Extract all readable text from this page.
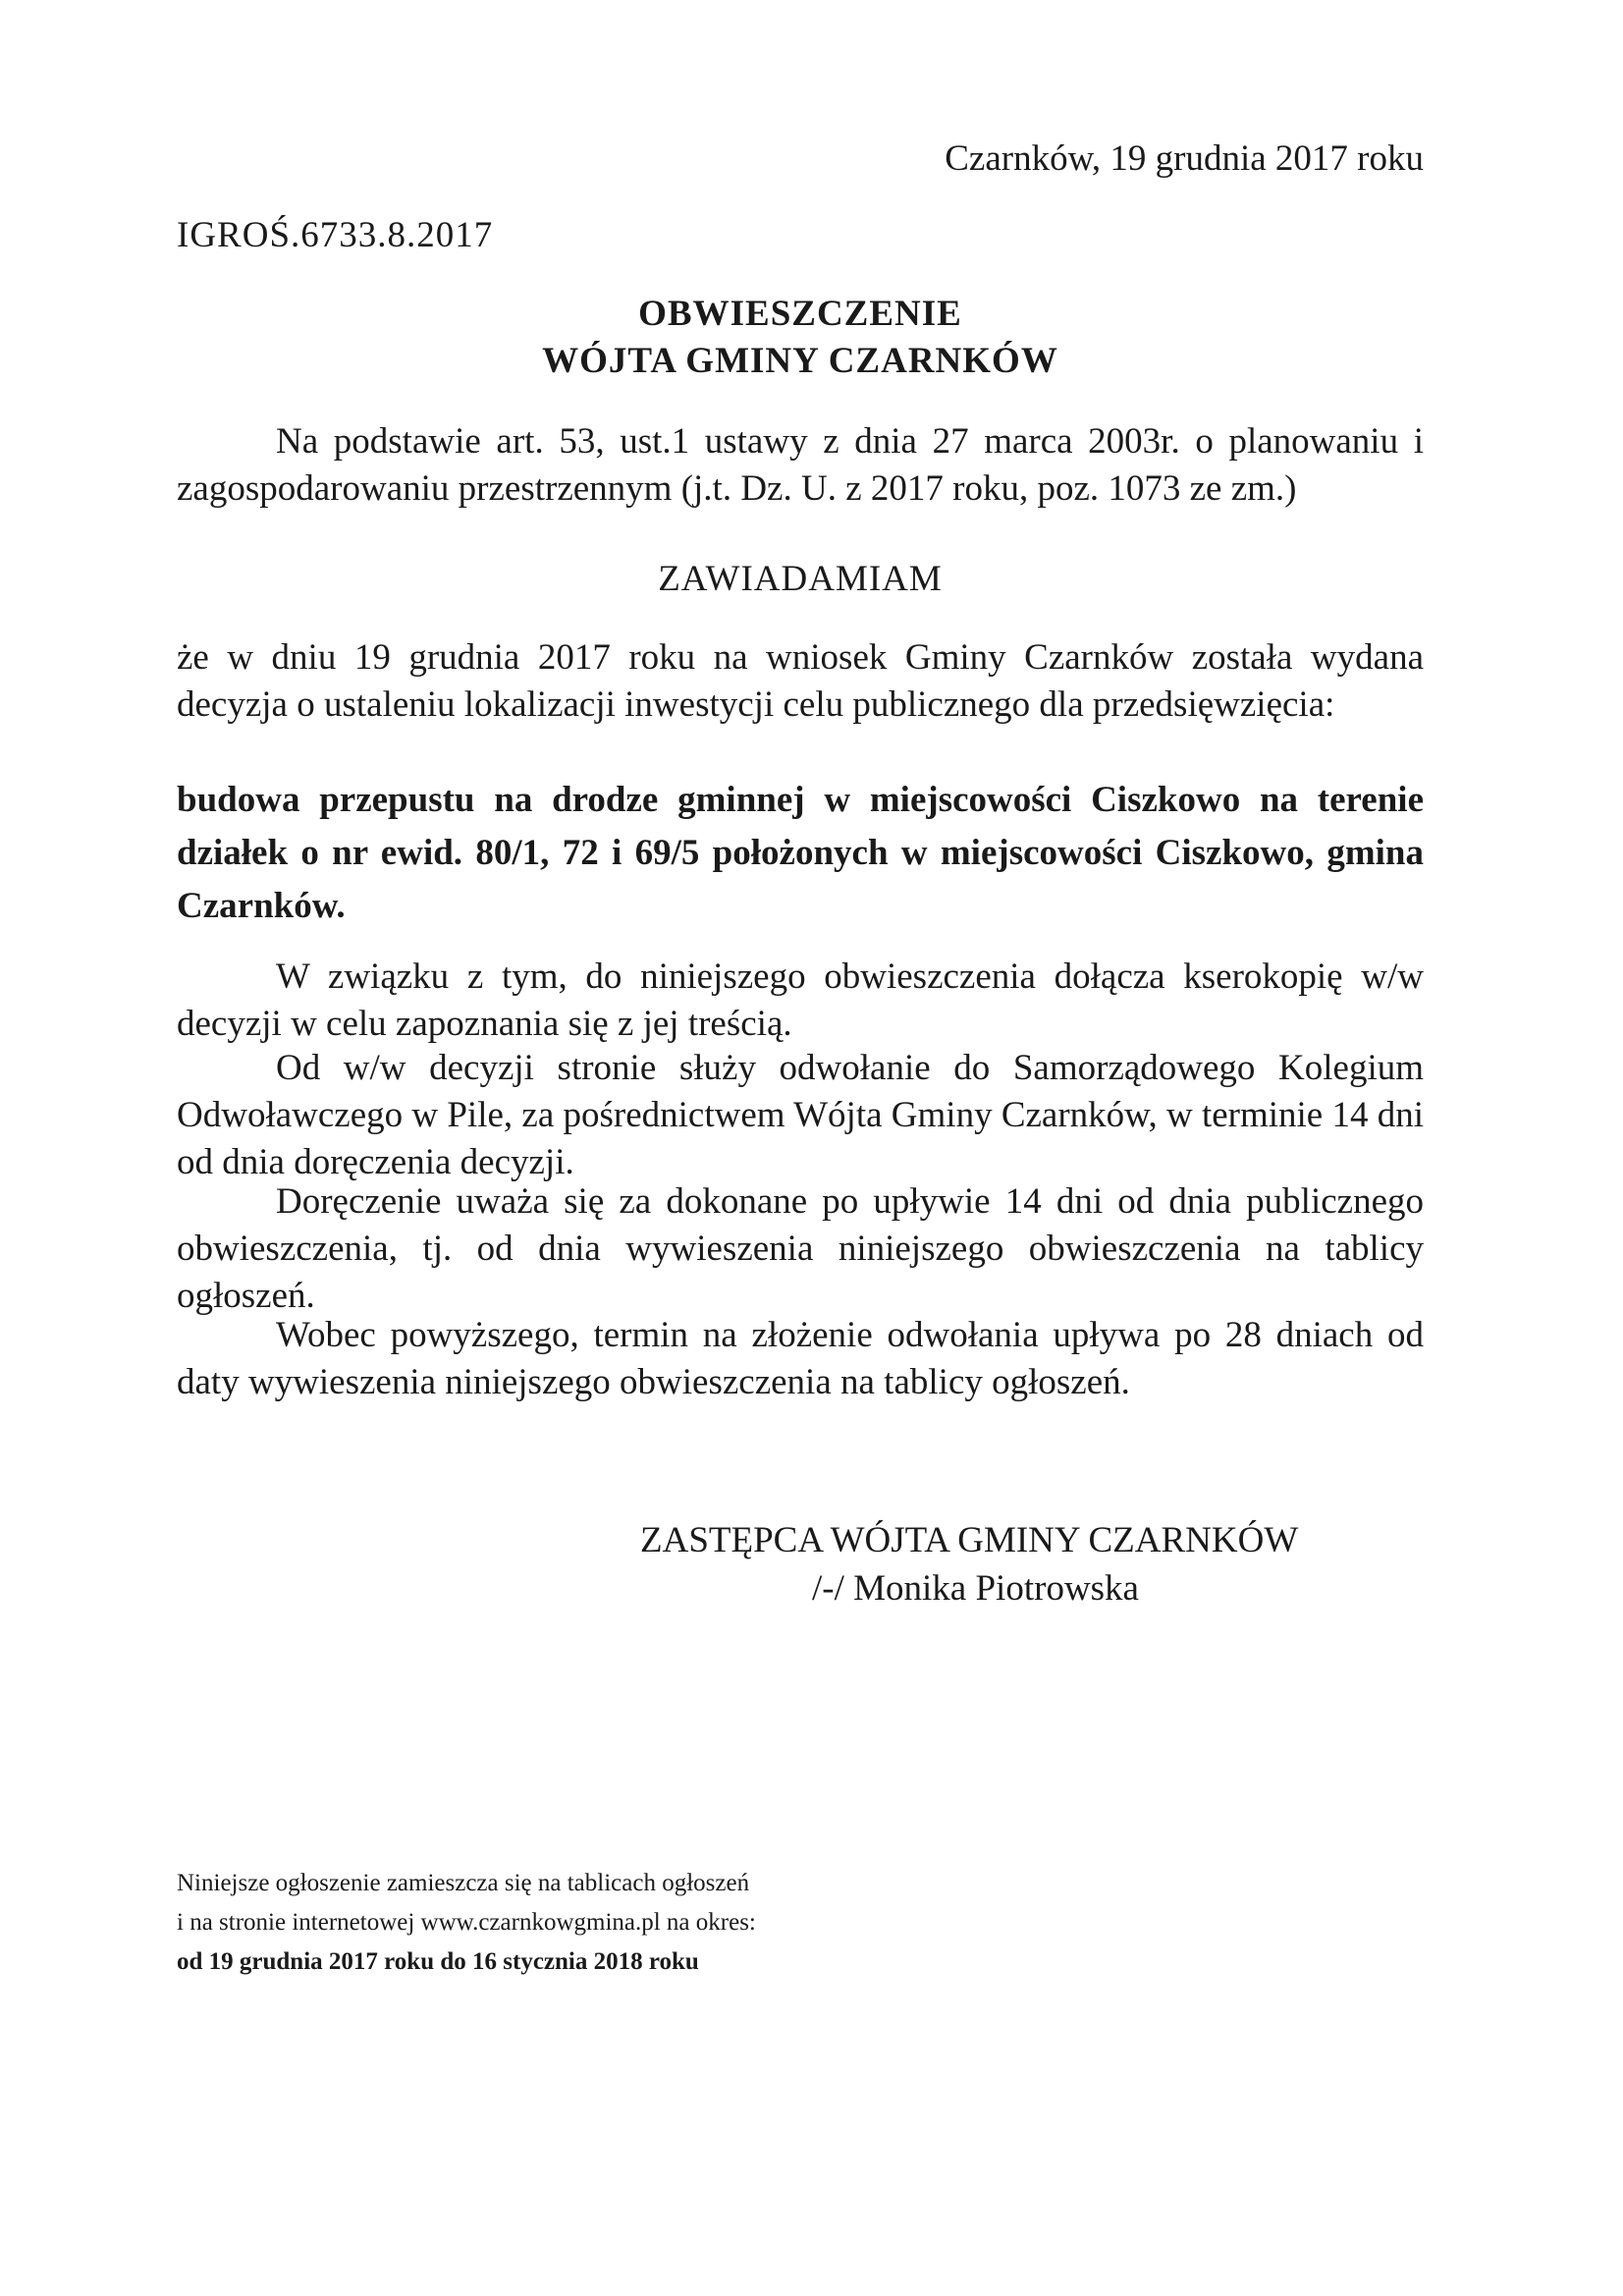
Czarnków, 19 grudnia 2017 roku

IGROŚ.6733.8.2017

OBWIESZCZENIE
WÓJTA GMINY CZARNKÓW

Na podstawie art. 53, ust.1 ustawy z dnia 27 marca 2003r. o planowaniu i zagospodarowaniu przestrzennym (j.t. Dz. U. z 2017 roku, poz. 1073 ze zm.)

ZAWIADAMIAM

że w dniu 19 grudnia 2017 roku na wniosek Gminy Czarnków została wydana decyzja o ustaleniu lokalizacji inwestycji celu publicznego dla przedsięwzięcia:

budowa przepustu na drodze gminnej w miejscowości Ciszkowo na terenie działek o nr ewid. 80/1, 72 i 69/5 położonych w miejscowości Ciszkowo, gmina Czarnków.

W związku z tym, do niniejszego obwieszczenia dołącza kserokopię w/w decyzji w celu zapoznania się z jej treścią.

Od w/w decyzji stronie służy odwołanie do Samorządowego Kolegium Odwoławczego w Pile, za pośrednictwem Wójta Gminy Czarnków, w terminie 14 dni od dnia doręczenia decyzji.

Doręczenie uważa się za dokonane po upływie 14 dni od dnia publicznego obwieszczenia, tj. od dnia wywieszenia niniejszego obwieszczenia na tablicy ogłoszeń.

Wobec powyższego, termin na złożenie odwołania upływa po 28 dniach od daty wywieszenia niniejszego obwieszczenia na tablicy ogłoszeń.

ZASTĘPCA WÓJTA GMINY CZARNKÓW

/-/ Monika Piotrowska

Niniejsze ogłoszenie zamieszcza się na tablicach ogłoszeń

i na stronie internetowej www.czarnkowgmina.pl na okres:

od 19 grudnia 2017 roku do 16 stycznia 2018 roku
